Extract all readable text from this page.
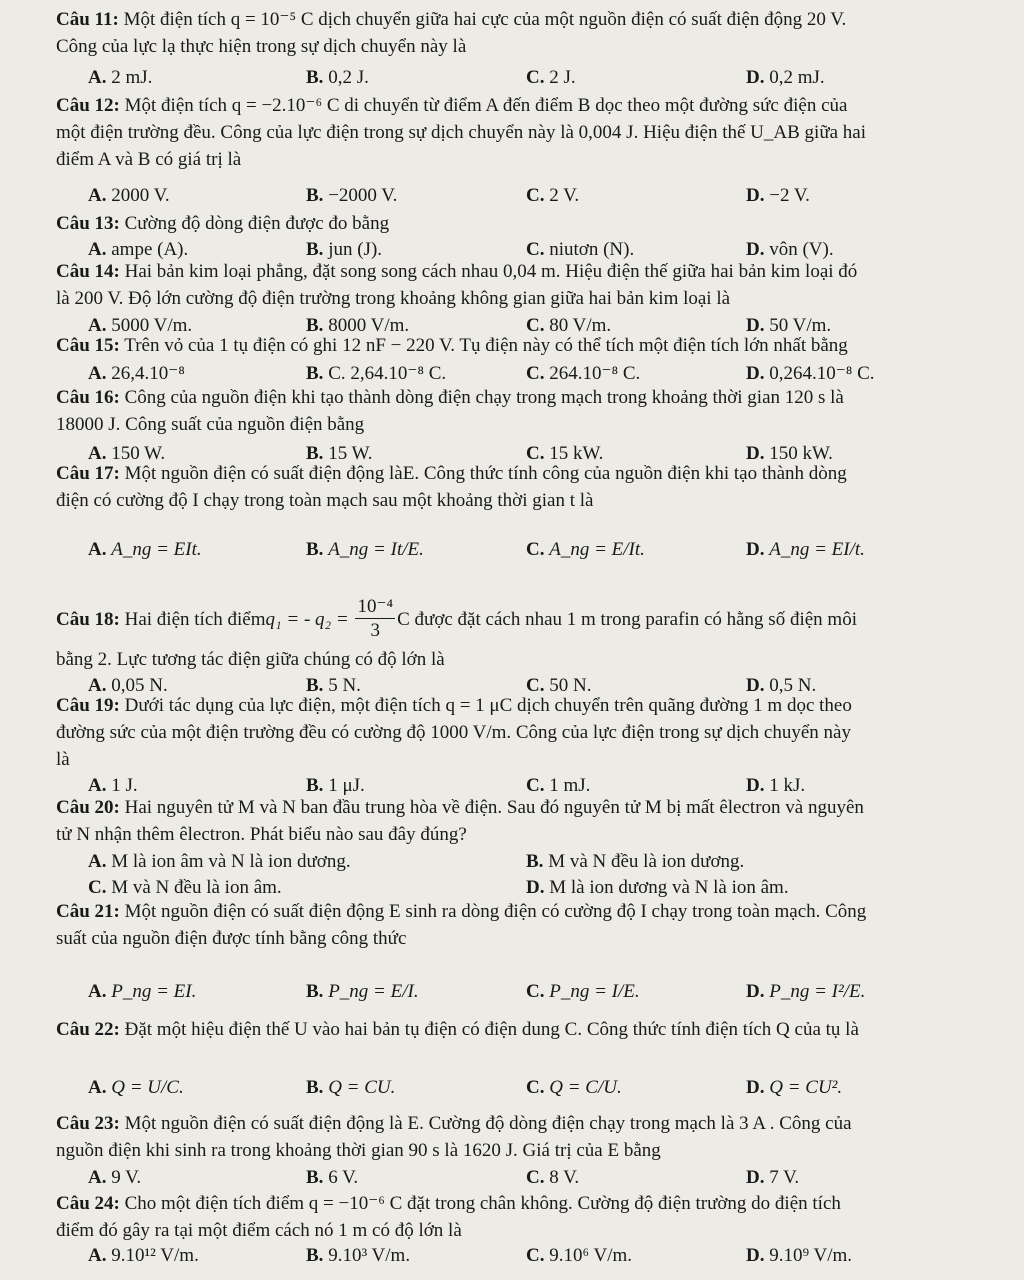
Câu 11: Một điện tích q = 10⁻⁵ C dịch chuyển giữa hai cực của một nguồn điện có suất điện động 20 V.
Công của lực lạ thực hiện trong sự dịch chuyển này là
A. 2 mJ.	B. 0,2 J.	C. 2 J.	D. 0,2 mJ.
Câu 12: Một điện tích q = −2.10⁻⁶ C di chuyển từ điểm A đến điểm B dọc theo một đường sức điện của
một điện trường đều. Công của lực điện trong sự dịch chuyển này là 0,004 J. Hiệu điện thế U_AB giữa hai
điểm A và B có giá trị là
A. 2000 V.	B. −2000 V.	C. 2 V.	D. −2 V.
Câu 13: Cường độ dòng điện được đo bằng
A. ampe (A).	B. jun (J).	C. niutơn (N).	D. vôn (V).
Câu 14: Hai bản kim loại phẳng, đặt song song cách nhau 0,04 m. Hiệu điện thế giữa hai bản kim loại đó
là 200 V. Độ lớn cường độ điện trường trong khoảng không gian giữa hai bản kim loại là
A. 5000 V/m.	B. 8000 V/m.	C. 80 V/m.	D. 50 V/m.
Câu 15: Trên vỏ của 1 tụ điện có ghi 12 nF − 220 V. Tụ điện này có thể tích một điện tích lớn nhất bằng
A. 26,4.10⁻⁸	B. C. 2,64.10⁻⁸ C.	C. 264.10⁻⁸ C.	D. 0,264.10⁻⁸ C.
Câu 16: Công của nguồn điện khi tạo thành dòng điện chạy trong mạch trong khoảng thời gian 120 s là
18000 J. Công suất của nguồn điện bằng
A. 150 W.	B. 15 W.	C. 15 kW.	D. 150 kW.
Câu 17: Một nguồn điện có suất điện động làE. Công thức tính công của nguồn điện khi tạo thành dòng
điện có cường độ I chạy trong toàn mạch sau một khoảng thời gian t là
A. A_ng = EIt.	B. A_ng = It/E.	C. A_ng = E/It.	D. A_ng = EI/t.
Câu 18:
Hai điện tích điểm q₁ = - q₂ =
$\frac{\text{10⁻⁴}}{3}$ C được đặt cách nhau 1 m trong parafin có hằng số điện môi
bằng 2. Lực tương tác điện giữa chúng có độ lớn là
A. 0,05 N.	B. 5 N.	C. 50 N.	D. 0,5 N.
Câu 19: Dưới tác dụng của lực điện, một điện tích q = 1 μC dịch chuyển trên quãng đường 1 m dọc theo
đường sức của một điện trường đều có cường độ 1000 V/m. Công của lực điện trong sự dịch chuyển này
là
A. 1 J.	B. 1 μJ.	C. 1 mJ.	D. 1 kJ.
Câu 20: Hai nguyên tử M và N ban đầu trung hòa về điện. Sau đó nguyên tử M bị mất êlectron và nguyên
tử N nhận thêm êlectron. Phát biểu nào sau đây đúng?
A. M là ion âm và N là ion dương.	B. M và N đều là ion dương.
C. M và N đều là ion âm.	D. M là ion dương và N là ion âm.
Câu 21: Một nguồn điện có suất điện động E sinh ra dòng điện có cường độ I chạy trong toàn mạch. Công
suất của nguồn điện được tính bằng công thức
A. P_ng = EI.	B. P_ng = E/I.	C. P_ng = I/E.	D. P_ng = I²/E.
Câu 22: Đặt một hiệu điện thế U vào hai bản tụ điện có điện dung C. Công thức tính điện tích Q của tụ là
A. Q = U/C.	B. Q = CU.	C. Q = C/U.	D. Q = CU².
Câu 23: Một nguồn điện có suất điện động là E. Cường độ dòng điện chạy trong mạch là 3 A . Công của
nguồn điện khi sinh ra trong khoảng thời gian 90 s là 1620 J. Giá trị của E bằng
A. 9 V.	B. 6 V.	C. 8 V.	D. 7 V.
Câu 24: Cho một điện tích điểm q = −10⁻⁶ C đặt trong chân không. Cường độ điện trường do điện tích
điểm đó gây ra tại một điểm cách nó 1 m có độ lớn là
A. 9.10¹² V/m.	B. 9.10³ V/m.	C. 9.10⁶ V/m.	D. 9.10⁹ V/m.
